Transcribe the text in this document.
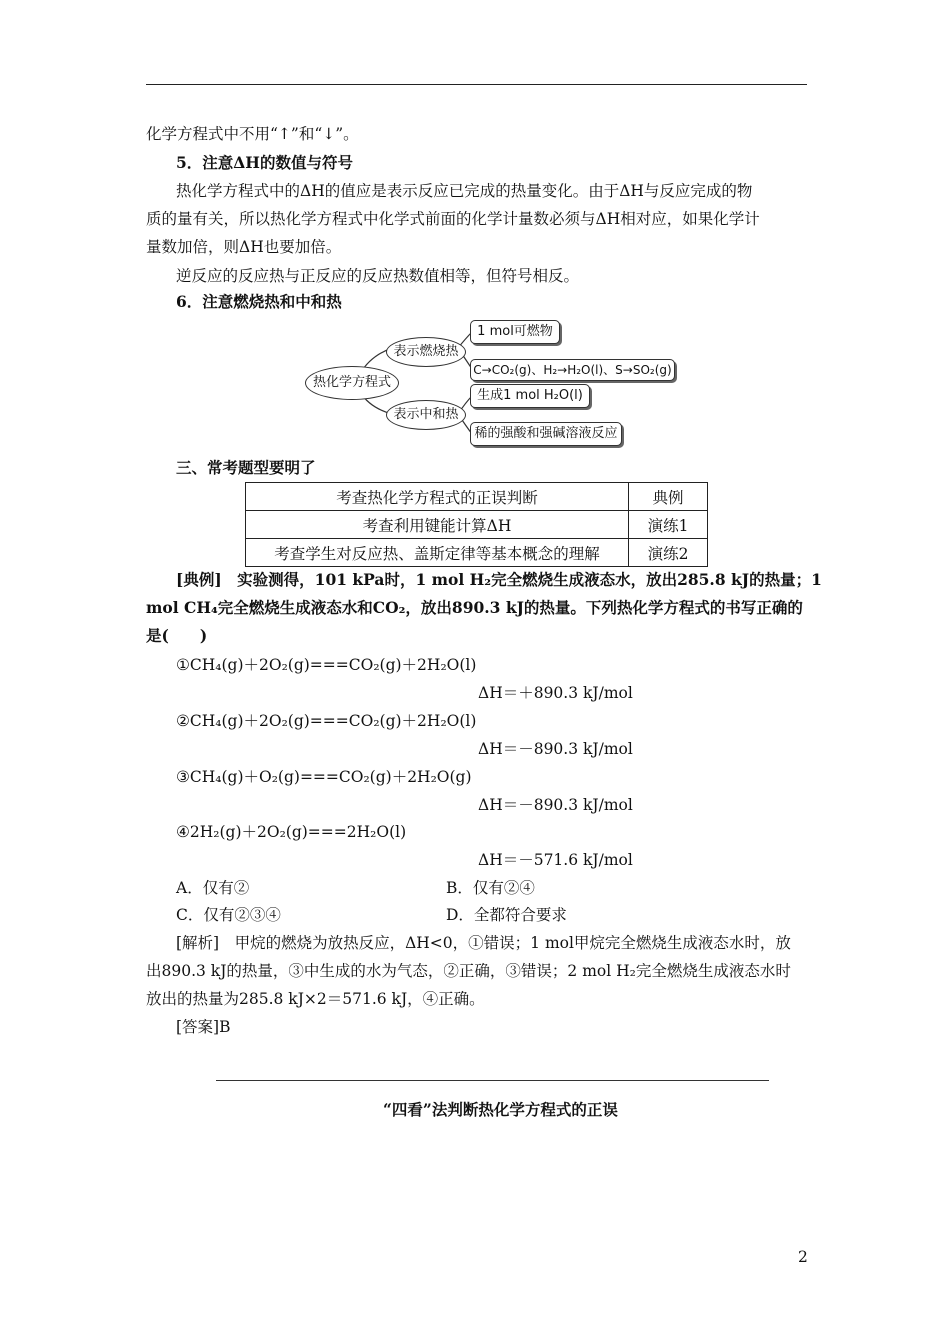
化学方程式中不用“↑”和“↓”。
5．注意ΔH的数值与符号
热化学方程式中的ΔH的值应是表示反应已完成的热量变化。由于ΔH与反应完成的物
质的量有关，所以热化学方程式中化学式前面的化学计量数必须与ΔH相对应，如果化学计
量数加倍，则ΔH也要加倍。
逆反应的反应热与正反应的反应热数值相等，但符号相反。
6．注意燃烧热和中和热
热化学方程式
表示燃烧热
表示中和热
1 mol可燃物
C→CO₂(g)、H₂→H₂O(l)、S→SO₂(g)
生成1 mol H₂O(l)
稀的强酸和强碱溶液反应
三、常考题型要明了
考查热化学方程式的正误判断	典例
考查利用键能计算ΔH	演练1
考查学生对反应热、盖斯定律等基本概念的理解	演练2
[典例]　实验测得，101 kPa时，1 mol H₂完全燃烧生成液态水，放出285.8 kJ的热量；1
mol CH₄完全燃烧生成液态水和CO₂，放出890.3 kJ的热量。下列热化学方程式的书写正确的
是(　　)
①CH₄(g)＋2O₂(g)===CO₂(g)＋2H₂O(l)
ΔH＝＋890.3 kJ/mol
②CH₄(g)＋2O₂(g)===CO₂(g)＋2H₂O(l)
ΔH＝－890.3 kJ/mol
③CH₄(g)＋O₂(g)===CO₂(g)＋2H₂O(g)
ΔH＝－890.3 kJ/mol
④2H₂(g)＋2O₂(g)===2H₂O(l)
ΔH＝－571.6 kJ/mol
A．仅有②	B．仅有②④
C．仅有②③④	D．全都符合要求
[解析]　甲烷的燃烧为放热反应，ΔH<0，①错误；1 mol甲烷完全燃烧生成液态水时，放
出890.3 kJ的热量，③中生成的水为气态，②正确，③错误；2 mol H₂完全燃烧生成液态水时
放出的热量为285.8 kJ×2＝571.6 kJ，④正确。
[答案]B
“四看”法判断热化学方程式的正误
2
